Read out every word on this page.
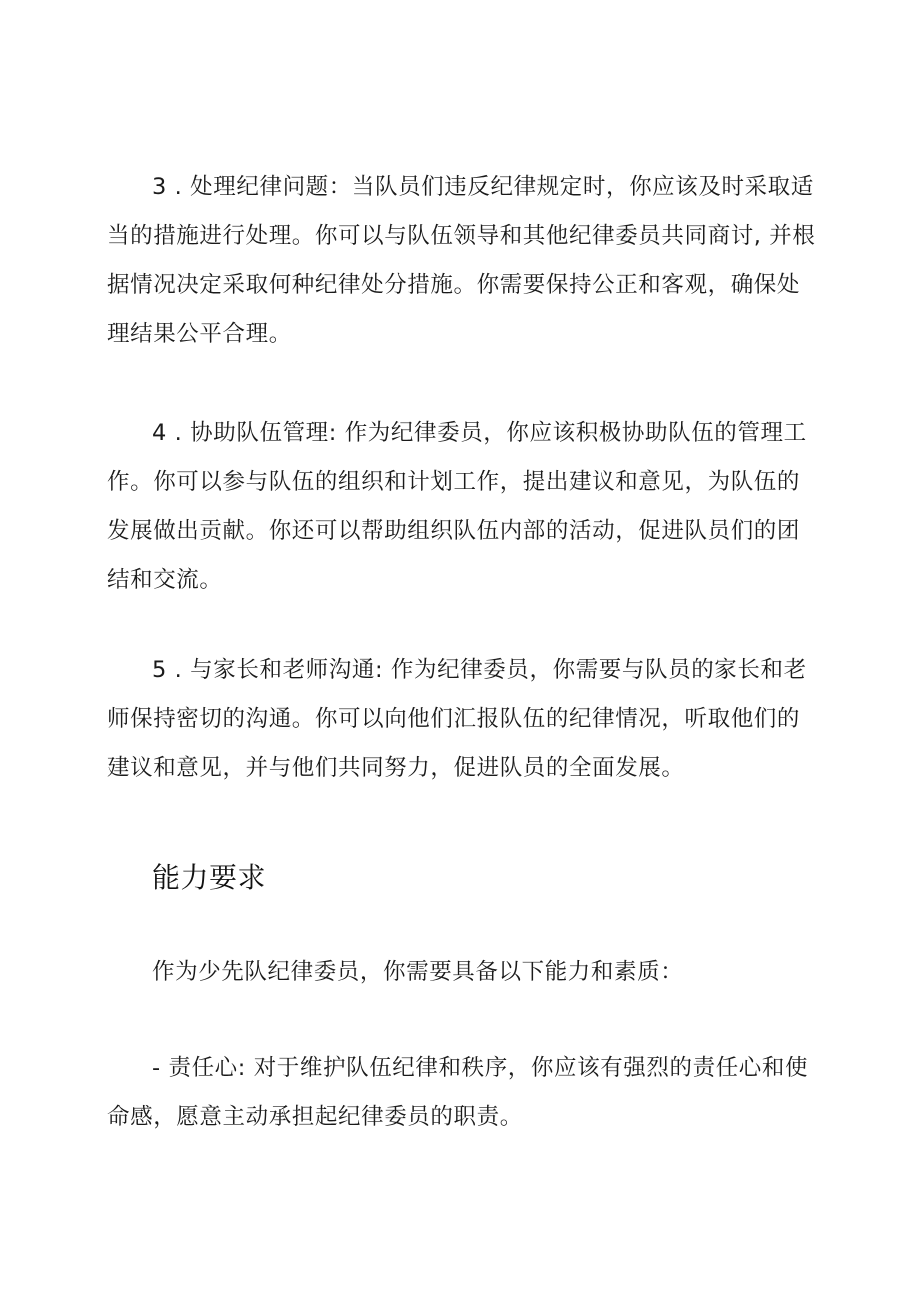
3 . 处理纪律问题：当队员们违反纪律规定时，你应该及时采取适当的措施进行处理。你可以与队伍领导和其他纪律委员共同商讨, 并根据情况决定采取何种纪律处分措施。你需要保持公正和客观，确保处理结果公平合理。

4 . 协助队伍管理: 作为纪律委员，你应该积极协助队伍的管理工作。你可以参与队伍的组织和计划工作，提出建议和意见，为队伍的发展做出贡献。你还可以帮助组织队伍内部的活动，促进队员们的团结和交流。

5 . 与家长和老师沟通: 作为纪律委员，你需要与队员的家长和老师保持密切的沟通。你可以向他们汇报队伍的纪律情况，听取他们的建议和意见，并与他们共同努力，促进队员的全面发展。

能力要求

作为少先队纪律委员，你需要具备以下能力和素质：

- 责任心: 对于维护队伍纪律和秩序，你应该有强烈的责任心和使命感，愿意主动承担起纪律委员的职责。
